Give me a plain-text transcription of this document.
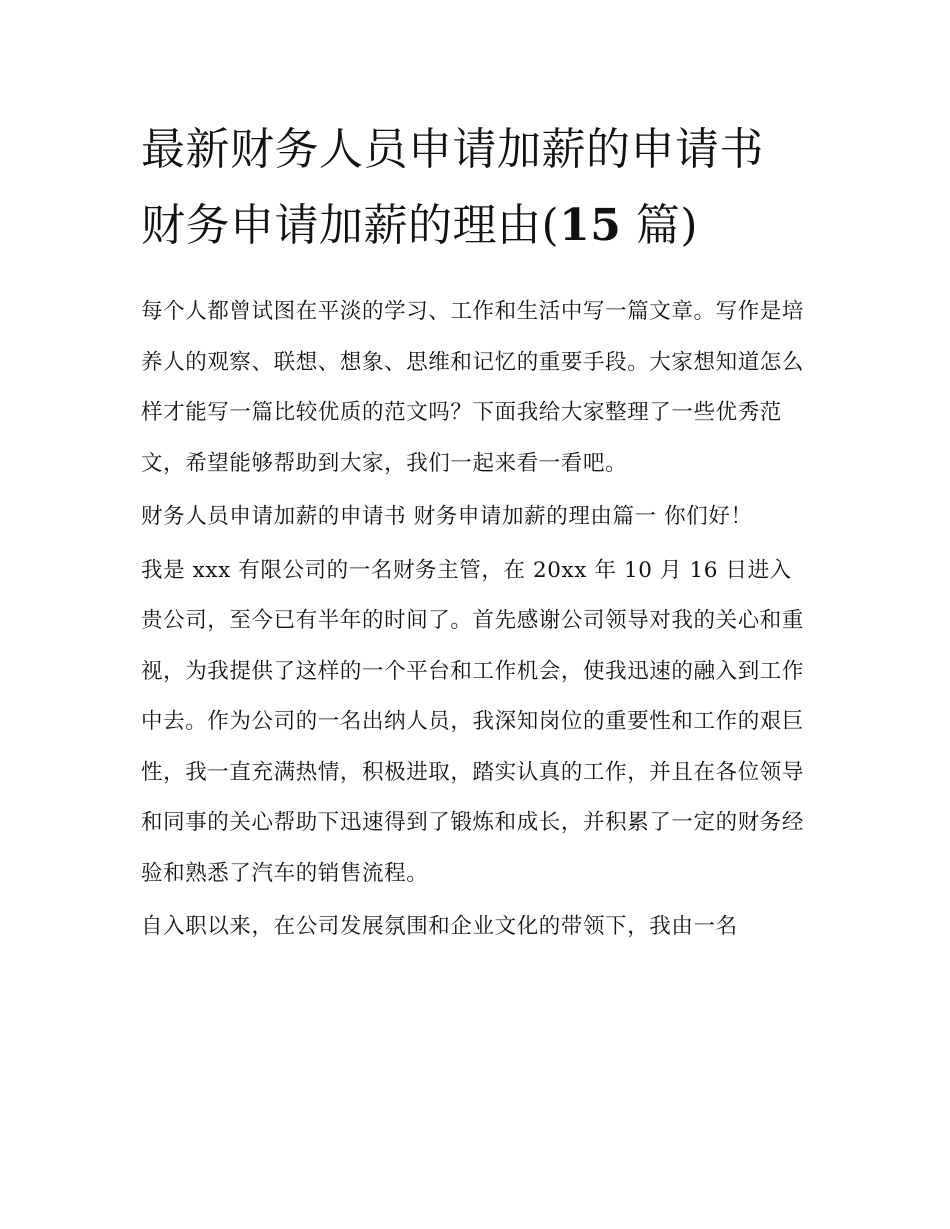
最新财务人员申请加薪的申请书 财务申请加薪的理由(15 篇)

每个人都曾试图在平淡的学习、工作和生活中写一篇文章。写作是培养人的观察、联想、想象、思维和记忆的重要手段。大家想知道怎么样才能写一篇比较优质的范文吗？下面我给大家整理了一些优秀范文，希望能够帮助到大家，我们一起来看一看吧。

财务人员申请加薪的申请书 财务申请加薪的理由篇一 你们好！

我是 xxx 有限公司的一名财务主管，在 20xx 年 10 月 16 日进入贵公司，至今已有半年的时间了。首先感谢公司领导对我的关心和重视，为我提供了这样的一个平台和工作机会，使我迅速的融入到工作中去。作为公司的一名出纳人员，我深知岗位的重要性和工作的艰巨性，我一直充满热情，积极进取，踏实认真的工作，并且在各位领导和同事的关心帮助下迅速得到了锻炼和成长，并积累了一定的财务经验和熟悉了汽车的销售流程。

自入职以来，在公司发展氛围和企业文化的带领下，我由一名
